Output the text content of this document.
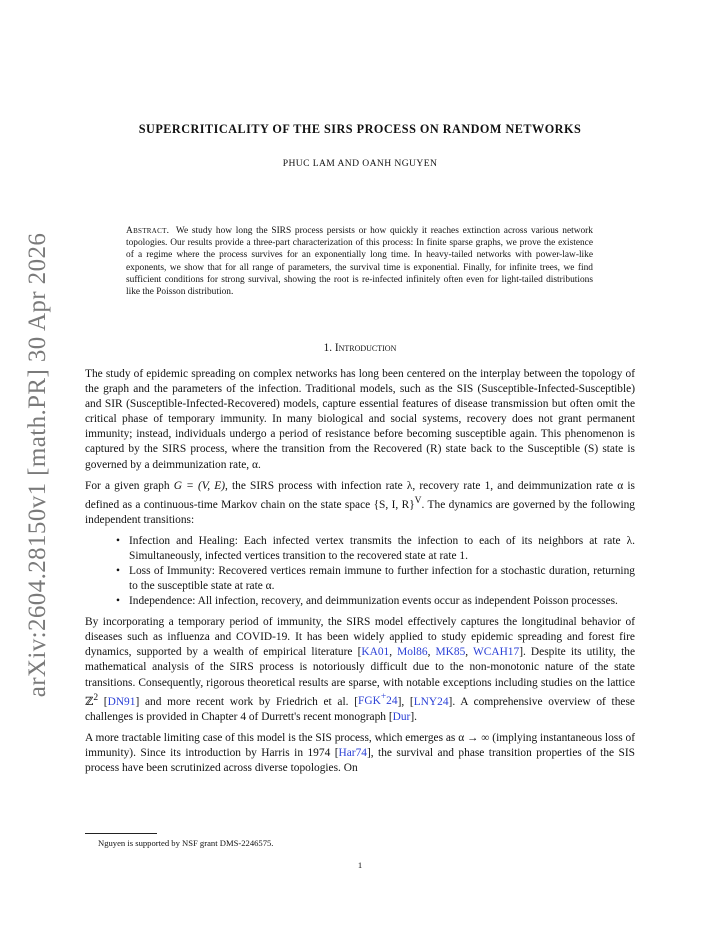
arXiv:2604.28150v1 [math.PR] 30 Apr 2026
SUPERCRITICALITY OF THE SIRS PROCESS ON RANDOM NETWORKS
PHUC LAM AND OANH NGUYEN
Abstract. We study how long the SIRS process persists or how quickly it reaches extinction across various network topologies. Our results provide a three-part characterization of this process: In finite sparse graphs, we prove the existence of a regime where the process survives for an exponentially long time. In heavy-tailed networks with power-law-like exponents, we show that for all range of parameters, the survival time is exponential. Finally, for infinite trees, we find sufficient conditions for strong survival, showing the root is re-infected infinitely often even for light-tailed distributions like the Poisson distribution.
1. Introduction

The study of epidemic spreading on complex networks has long been centered on the interplay between the topology of the graph and the parameters of the infection. Traditional models, such as the SIS (Susceptible-Infected-Susceptible) and SIR (Susceptible-Infected-Recovered) models, capture essential features of disease transmission but often omit the critical phase of temporary immunity. In many biological and social systems, recovery does not grant permanent immunity; instead, individuals undergo a period of resistance before becoming susceptible again. This phenomenon is captured by the SIRS process, where the transition from the Recovered (R) state back to the Susceptible (S) state is governed by a deimmunization rate, α.

For a given graph G = (V, E), the SIRS process with infection rate λ, recovery rate 1, and deimmunization rate α is defined as a continuous-time Markov chain on the state space {S, I, R}$^V$. The dynamics are governed by the following independent transitions:

• Infection and Healing: Each infected vertex transmits the infection to each of its neighbors at rate λ. Simultaneously, infected vertices transition to the recovered state at rate 1.
• Loss of Immunity: Recovered vertices remain immune to further infection for a stochastic duration, returning to the susceptible state at rate α.
• Independence: All infection, recovery, and deimmunization events occur as independent Poisson processes.

By incorporating a temporary period of immunity, the SIRS model effectively captures the longitudinal behavior of diseases such as influenza and COVID-19. It has been widely applied to study epidemic spreading and forest fire dynamics, supported by a wealth of empirical literature [KA01, Mol86, MK85, WCAH17]. Despite its utility, the mathematical analysis of the SIRS process is notoriously difficult due to the non-monotonic nature of the state transitions. Consequently, rigorous theoretical results are sparse, with notable exceptions including studies on the lattice ℤ$^2$ [DN91] and more recent work by Friedrich et al. [FGK+24], [LNY24]. A comprehensive overview of these challenges is provided in Chapter 4 of Durrett's recent monograph [Dur].

A more tractable limiting case of this model is the SIS process, which emerges as α → ∞ (implying instantaneous loss of immunity). Since its introduction by Harris in 1974 [Har74], the survival and phase transition properties of the SIS process have been scrutinized across diverse topologies. On

Nguyen is supported by NSF grant DMS-2246575.
1
